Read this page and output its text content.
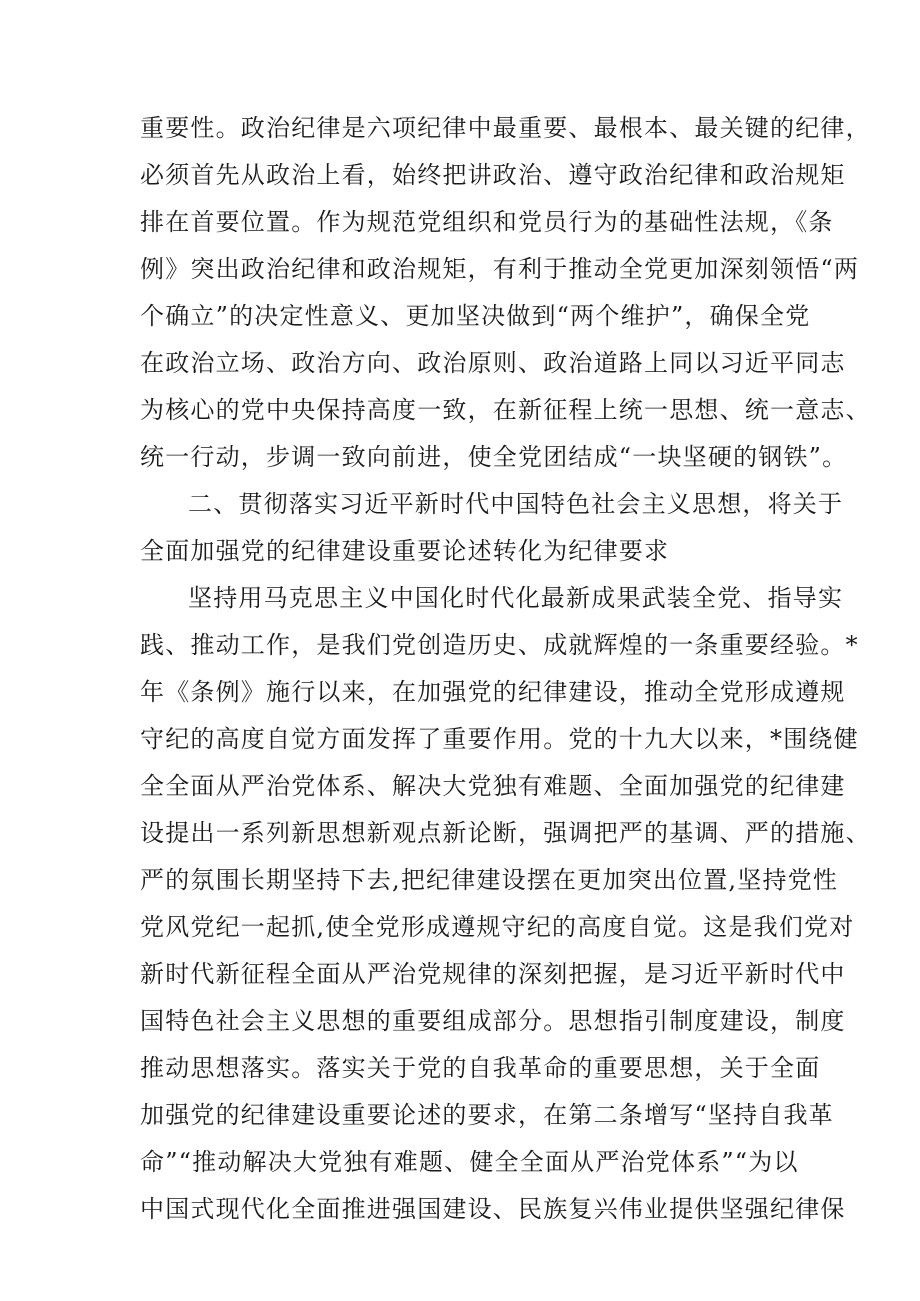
重要性。政治纪律是六项纪律中最重要、最根本、最关键的纪律，
必须首先从政治上看，始终把讲政治、遵守政治纪律和政治规矩
排在首要位置。作为规范党组织和党员行为的基础性法规，《条
例》突出政治纪律和政治规矩，有利于推动全党更加深刻领悟“两
个确立”的决定性意义、更加坚决做到“两个维护”，确保全党
在政治立场、政治方向、政治原则、政治道路上同以习近平同志
为核心的党中央保持高度一致，在新征程上统一思想、统一意志、
统一行动，步调一致向前进，使全党团结成“一块坚硬的钢铁”。
二、贯彻落实习近平新时代中国特色社会主义思想，将关于
全面加强党的纪律建设重要论述转化为纪律要求
坚持用马克思主义中国化时代化最新成果武装全党、指导实
践、推动工作，是我们党创造历史、成就辉煌的一条重要经验。*
年《条例》施行以来，在加强党的纪律建设，推动全党形成遵规
守纪的高度自觉方面发挥了重要作用。党的十九大以来，*围绕健
全全面从严治党体系、解决大党独有难题、全面加强党的纪律建
设提出一系列新思想新观点新论断，强调把严的基调、严的措施、
严的氛围长期坚持下去,把纪律建设摆在更加突出位置,坚持党性
党风党纪一起抓,使全党形成遵规守纪的高度自觉。这是我们党对
新时代新征程全面从严治党规律的深刻把握，是习近平新时代中
国特色社会主义思想的重要组成部分。思想指引制度建设，制度
推动思想落实。落实关于党的自我革命的重要思想，关于全面
加强党的纪律建设重要论述的要求，在第二条增写“坚持自我革
命”“推动解决大党独有难题、健全全面从严治党体系”“为以
中国式现代化全面推进强国建设、民族复兴伟业提供坚强纪律保
